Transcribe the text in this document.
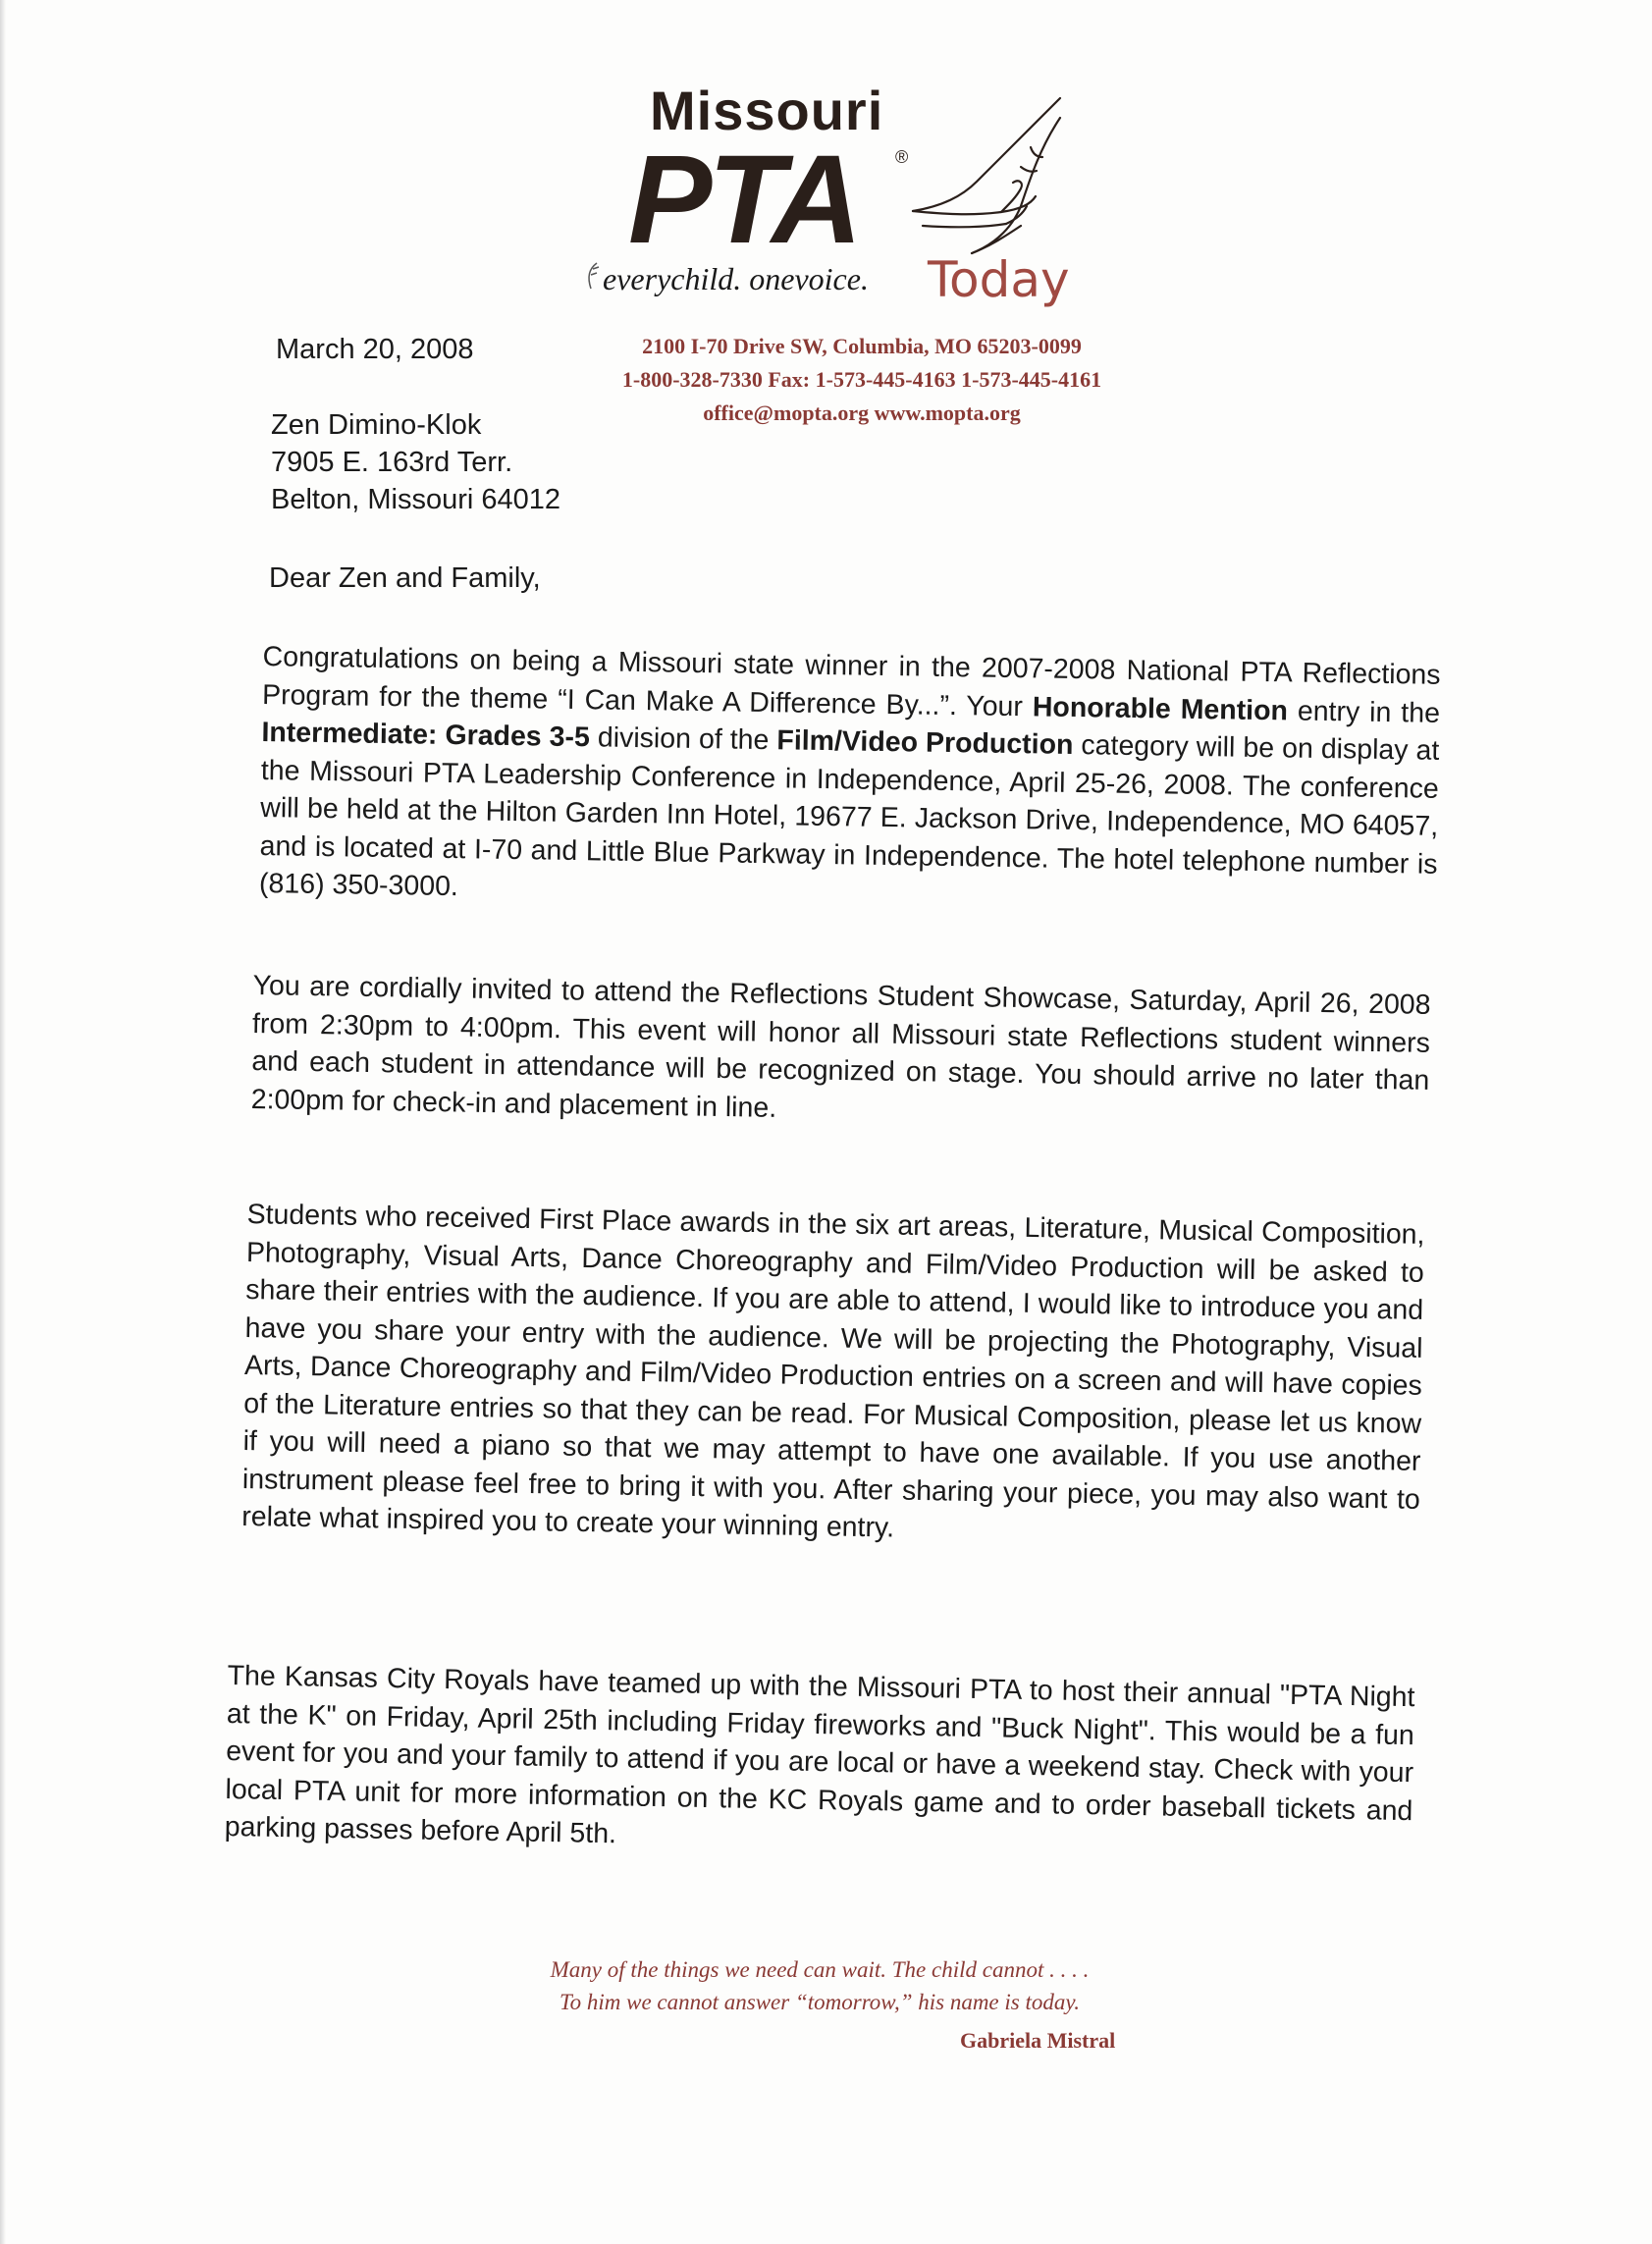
Missouri
PTA ®
everychild. onevoice. Today
March 20, 2008	2100 I-70 Drive SW, Columbia, MO 65203-0099
1-800-328-7330 Fax: 1-573-445-4163 1-573-445-4161
office@mopta.org www.mopta.org
Zen Dimino-Klok
7905 E. 163rd Terr.
Belton, Missouri 64012
Dear Zen and Family,
Congratulations on being a Missouri state winner in the 2007-2008 National PTA Reflections Program for the theme “I Can Make A Difference By...”. Your Honorable Mention entry in the Intermediate: Grades 3-5 division of the Film/Video Production category will be on display at the Missouri PTA Leadership Conference in Independence, April 25-26, 2008. The conference will be held at the Hilton Garden Inn Hotel, 19677 E. Jackson Drive, Independence, MO 64057, and is located at I-70 and Little Blue Parkway in Independence. The hotel telephone number is (816) 350-3000.
You are cordially invited to attend the Reflections Student Showcase, Saturday, April 26, 2008 from 2:30pm to 4:00pm. This event will honor all Missouri state Reflections student winners and each student in attendance will be recognized on stage. You should arrive no later than 2:00pm for check-in and placement in line.
Students who received First Place awards in the six art areas, Literature, Musical Composition, Photography, Visual Arts, Dance Choreography and Film/Video Production will be asked to share their entries with the audience. If you are able to attend, I would like to introduce you and have you share your entry with the audience. We will be projecting the Photography, Visual Arts, Dance Choreography and Film/Video Production entries on a screen and will have copies of the Literature entries so that they can be read. For Musical Composition, please let us know if you will need a piano so that we may attempt to have one available. If you use another instrument please feel free to bring it with you. After sharing your piece, you may also want to relate what inspired you to create your winning entry.
The Kansas City Royals have teamed up with the Missouri PTA to host their annual "PTA Night at the K" on Friday, April 25th including Friday fireworks and "Buck Night". This would be a fun event for you and your family to attend if you are local or have a weekend stay. Check with your local PTA unit for more information on the KC Royals game and to order baseball tickets and parking passes before April 5th.
Many of the things we need can wait. The child cannot . . . .
To him we cannot answer “tomorrow,” his name is today.
Gabriela Mistral
